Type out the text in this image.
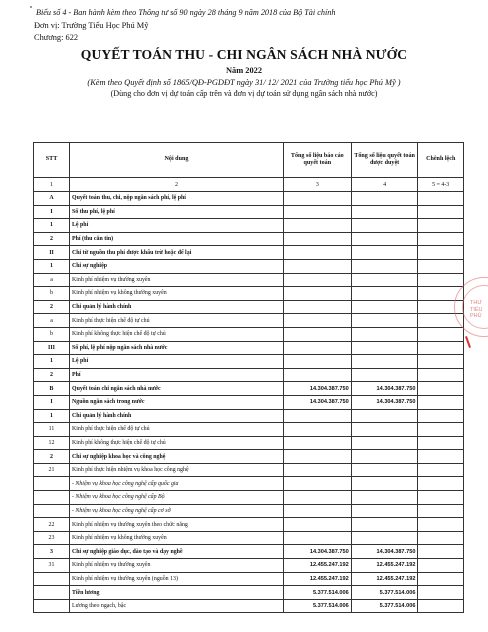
Biểu số 4 - Ban hành kèm theo Thông tư số 90 ngày 28 tháng 9 năm 2018 của Bộ Tài chính
Đơn vị: Trường Tiểu Học Phú Mỹ
Chương: 622
QUYẾT TOÁN THU - CHI NGÂN SÁCH NHÀ NƯỚC
Năm 2022
(Kèm theo Quyết định số 1865/QĐ-PGDĐT ngày 31/ 12/ 2021 của Trường tiểu học Phú Mỹ )
(Dùng cho đơn vị dự toán cấp trên và đơn vị dự toán sử dụng ngân sách nhà nước)
STT	Nội dung	Tổng số liệu báo cáo quyết toán	Tổng số liệu quyết toán được duyệt	Chênh lệch
1	2	3	4	5 = 4-3
A	Quyết toán thu, chi, nộp ngân sách phí, lệ phí			
I	Số thu phí, lệ phí			
1	Lệ phí			
2	Phí (thu căn tin)			
II	Chi từ nguồn thu phí được khấu trừ hoặc để lại			
1	Chi sự nghiệp			
a	Kinh phí nhiệm vụ thường xuyên			
b	Kinh phí nhiệm vụ không thường xuyên			
2	Chi quản lý hành chính			
a	Kinh phí thực hiện chế độ tự chủ			
b	Kinh phí không thực hiện chế độ tự chủ			
III	Số phí, lệ phí nộp ngân sách nhà nước			
1	Lệ phí			
2	Phí			
B	Quyết toán chi ngân sách nhà nước	14.304.387.750	14.304.387.750	
I	Nguồn ngân sách trong nước	14.304.387.750	14.304.387.750	
1	Chi quản lý hành chính			
11	Kinh phí thực hiện chế độ tự chủ			
12	Kinh phí không thực hiện chế độ tự chủ			
2	Chi sự nghiệp khoa học và công nghệ			
21	Kinh phí thực hiện nhiệm vụ khoa học công nghệ			
	- Nhiệm vụ khoa học công nghệ cấp quốc gia			
	- Nhiệm vụ khoa học công nghệ cấp Bộ			
	- Nhiệm vụ khoa học công nghệ cấp cơ sở			
22	Kinh phí nhiệm vụ thường xuyên theo chức năng			
23	Kinh phí nhiệm vụ không thường xuyên			
3	Chi sự nghiệp giáo dục, đào tạo và dạy nghề	14.304.387.750	14.304.387.750	
31	Kinh phí nhiệm vụ thường xuyên	12.455.247.192	12.455.247.192	
	Kinh phí nhiệm vụ thường xuyên (nguồn 13)	12.455.247.192	12.455.247.192	
	Tiền lương	5.377.514.006	5.377.514.006	
	Lương theo ngạch, bậc	5.377.514.006	5.377.514.006	
THƯ
TIỂU
PHÚ
